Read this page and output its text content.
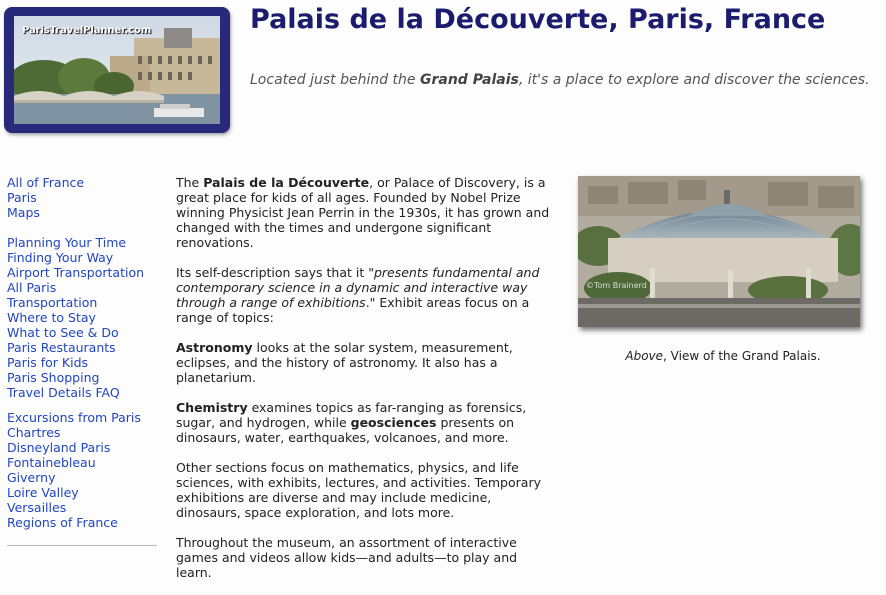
ParisTravelPlanner.com	Palais de la Découverte, Paris, France
Located just behind the Grand Palais, it's a place to explore and discover the sciences.
All of France
Paris
Maps
Planning Your Time
Finding Your Way
Airport Transportation
All Paris
Transportation
Where to Stay
What to See & Do
Paris Restaurants
Paris for Kids
Paris Shopping
Travel Details FAQ
Excursions from Paris
Chartres
Disneyland Paris
Fontainebleau
Giverny
Loire Valley
Versailles
Regions of France

The Palais de la Découverte, or Palace of Discovery, is a great place for kids of all ages. Founded by Nobel Prize winning Physicist Jean Perrin in the 1930s, it has grown and changed with the times and undergone significant renovations.

Its self-description says that it "presents fundamental and contemporary science in a dynamic and interactive way through a range of exhibitions." Exhibit areas focus on a range of topics:

Astronomy looks at the solar system, measurement, eclipses, and the history of astronomy. It also has a planetarium.

Chemistry examines topics as far-ranging as forensics, sugar, and hydrogen, while geosciences presents on dinosaurs, water, earthquakes, volcanoes, and more.

Other sections focus on mathematics, physics, and life sciences, with exhibits, lectures, and activities. Temporary exhibitions are diverse and may include medicine, dinosaurs, space exploration, and lots more.

Throughout the museum, an assortment of interactive games and videos allow kids—and adults—to play and learn.

©Tom Brainerd
Above, View of the Grand Palais.
